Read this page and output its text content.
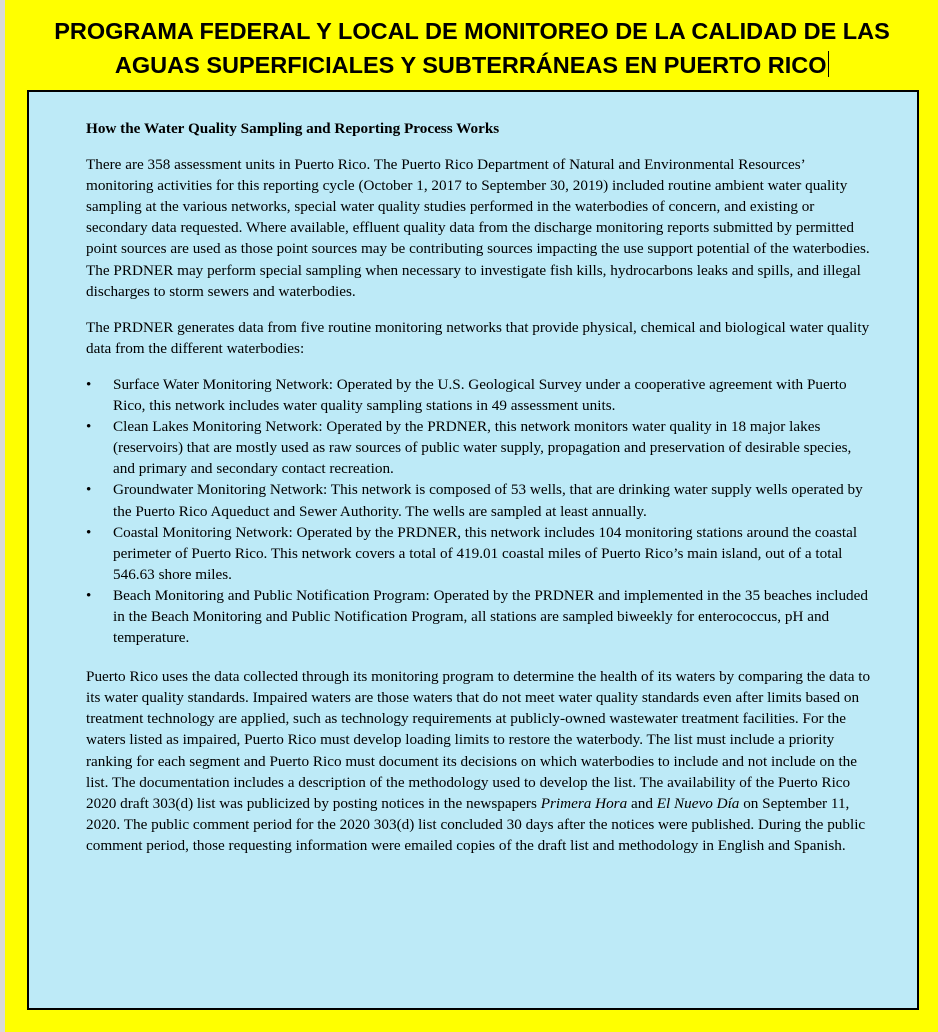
PROGRAMA FEDERAL Y LOCAL DE MONITOREO DE LA CALIDAD DE LAS
AGUAS SUPERFICIALES Y SUBTERRÁNEAS EN PUERTO RICO
How the Water Quality Sampling and Reporting Process Works

There are 358 assessment units in Puerto Rico. The Puerto Rico Department of Natural and Environmental Resources’ monitoring activities for this reporting cycle (October 1, 2017 to September 30, 2019) included routine ambient water quality sampling at the various networks, special water quality studies performed in the waterbodies of concern, and existing or secondary data requested. Where available, effluent quality data from the discharge monitoring reports submitted by permitted point sources are used as those point sources may be contributing sources impacting the use support potential of the waterbodies. The PRDNER may perform special sampling when necessary to investigate fish kills, hydrocarbons leaks and spills, and illegal discharges to storm sewers and waterbodies.

The PRDNER generates data from five routine monitoring networks that provide physical, chemical and biological water quality data from the different waterbodies:

•	Surface Water Monitoring Network: Operated by the U.S. Geological Survey under a cooperative agreement with Puerto Rico, this network includes water quality sampling stations in 49 assessment units.
•	Clean Lakes Monitoring Network: Operated by the PRDNER, this network monitors water quality in 18 major lakes (reservoirs) that are mostly used as raw sources of public water supply, propagation and preservation of desirable species, and primary and secondary contact recreation.
•	Groundwater Monitoring Network: This network is composed of 53 wells, that are drinking water supply wells operated by the Puerto Rico Aqueduct and Sewer Authority. The wells are sampled at least annually.
•	Coastal Monitoring Network: Operated by the PRDNER, this network includes 104 monitoring stations around the coastal perimeter of Puerto Rico. This network covers a total of 419.01 coastal miles of Puerto Rico’s main island, out of a total 546.63 shore miles.
•	Beach Monitoring and Public Notification Program: Operated by the PRDNER and implemented in the 35 beaches included in the Beach Monitoring and Public Notification Program, all stations are sampled biweekly for enterococcus, pH and temperature.

Puerto Rico uses the data collected through its monitoring program to determine the health of its waters by comparing the data to its water quality standards. Impaired waters are those waters that do not meet water quality standards even after limits based on treatment technology are applied, such as technology requirements at publicly-owned wastewater treatment facilities. For the waters listed as impaired, Puerto Rico must develop loading limits to restore the waterbody. The list must include a priority ranking for each segment and Puerto Rico must document its decisions on which waterbodies to include and not include on the list. The documentation includes a description of the methodology used to develop the list. The availability of the Puerto Rico 2020 draft 303(d) list was publicized by posting notices in the newspapers Primera Hora and El Nuevo Día on September 11, 2020. The public comment period for the 2020 303(d) list concluded 30 days after the notices were published. During the public comment period, those requesting information were emailed copies of the draft list and methodology in English and Spanish.
